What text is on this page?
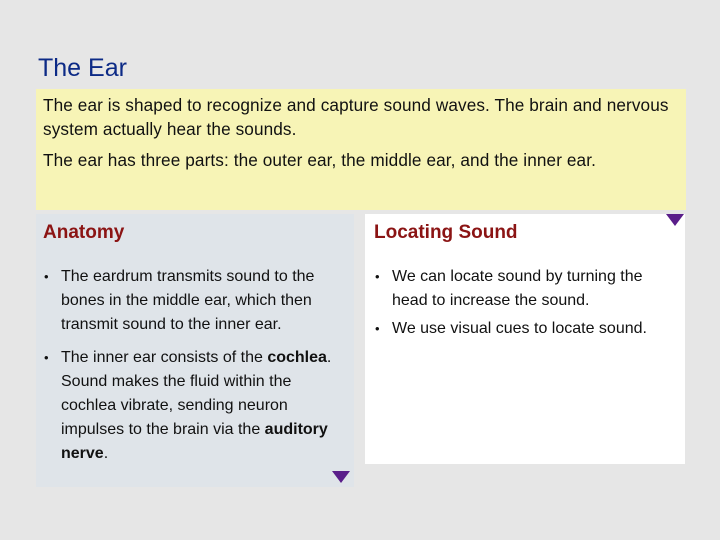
The Ear

The ear is shaped to recognize and capture sound waves. The brain and nervous system actually hear the sounds.

The ear has three parts: the outer ear, the middle ear, and the inner ear.

Anatomy
• The eardrum transmits sound to the bones in the middle ear, which then transmit sound to the inner ear.
• The inner ear consists of the cochlea. Sound makes the fluid within the cochlea vibrate, sending neuron impulses to the brain via the auditory nerve.
Locating Sound
• We can locate sound by turning the head to increase the sound.
• We use visual cues to locate sound.
